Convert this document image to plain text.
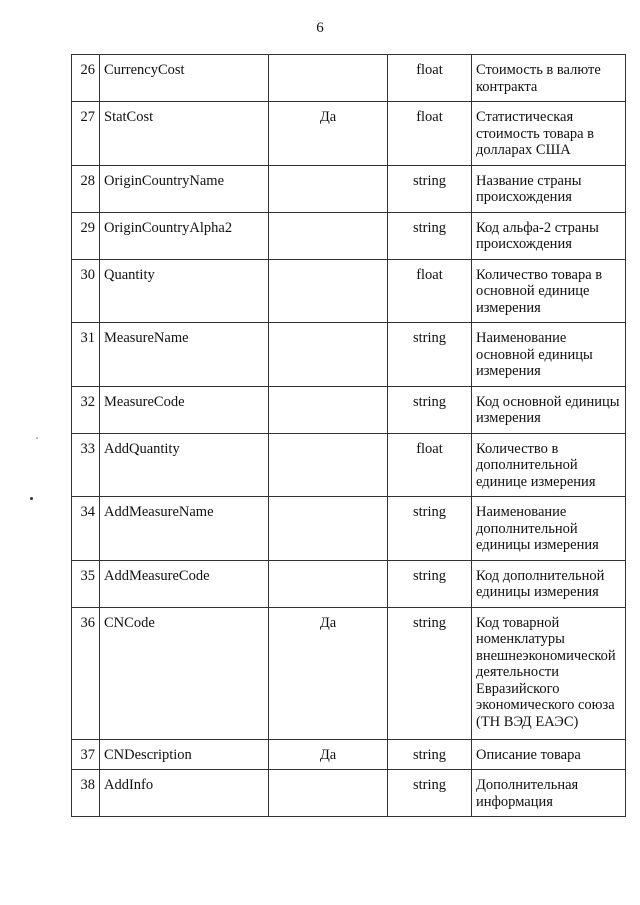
6
26	CurrencyCost		float	Стоимость в валюте контракта
27	StatCost	Да	float	Статистическая стоимость товара в долларах США
28	OriginCountryName		string	Название страны происхождения
29	OriginCountryAlpha2		string	Код альфа-2 страны происхождения
30	Quantity		float	Количество товара в основной единице измерения
31	MeasureName		string	Наименование основной единицы измерения
32	MeasureCode		string	Код основной единицы измерения
33	AddQuantity		float	Количество в дополнительной единице измерения
34	AddMeasureName		string	Наименование дополнительной единицы измерения
35	AddMeasureCode		string	Код дополнительной единицы измерения
36	CNCode	Да	string	Код товарной номенклатуры внешнеэкономической деятельности Евразийского экономического союза (ТН ВЭД ЕАЭС)
37	CNDescription	Да	string	Описание товара
38	AddInfo		string	Дополнительная информация
